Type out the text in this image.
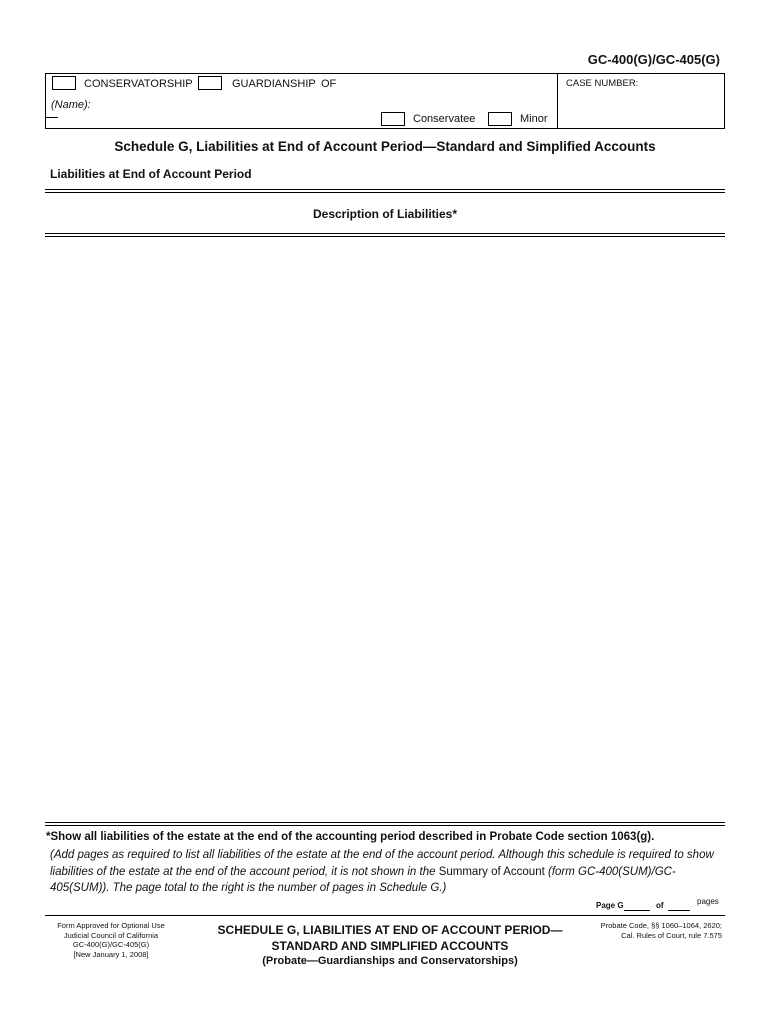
GC-400(G)/GC-405(G)
CONSERVATORSHIP	GUARDIANSHIP OF	CASE NUMBER:
(Name):
Conservatee	Minor
Schedule G, Liabilities at End of Account Period—Standard and Simplified Accounts
Liabilities at End of Account Period
Description of Liabilities*
*Show all liabilities of the estate at the end of the accounting period described in Probate Code section 1063(g).
(Add pages as required to list all liabilities of the estate at the end of the account period. Although this schedule is required to show liabilities of the estate at the end of the account period, it is not shown in the Summary of Account (form GC-400(SUM)/GC-405(SUM)). The page total to the right is the number of pages in Schedule G.)
Page G	of	pages
Form Approved for Optional Use
Judicial Council of California
GC-400(G)/GC-405(G)
[New January 1, 2008]
SCHEDULE G, LIABILITIES AT END OF ACCOUNT PERIOD—
STANDARD AND SIMPLIFIED ACCOUNTS
(Probate—Guardianships and Conservatorships)
Probate Code, §§ 1060–1064, 2620;
Cal. Rules of Court, rule 7.575
